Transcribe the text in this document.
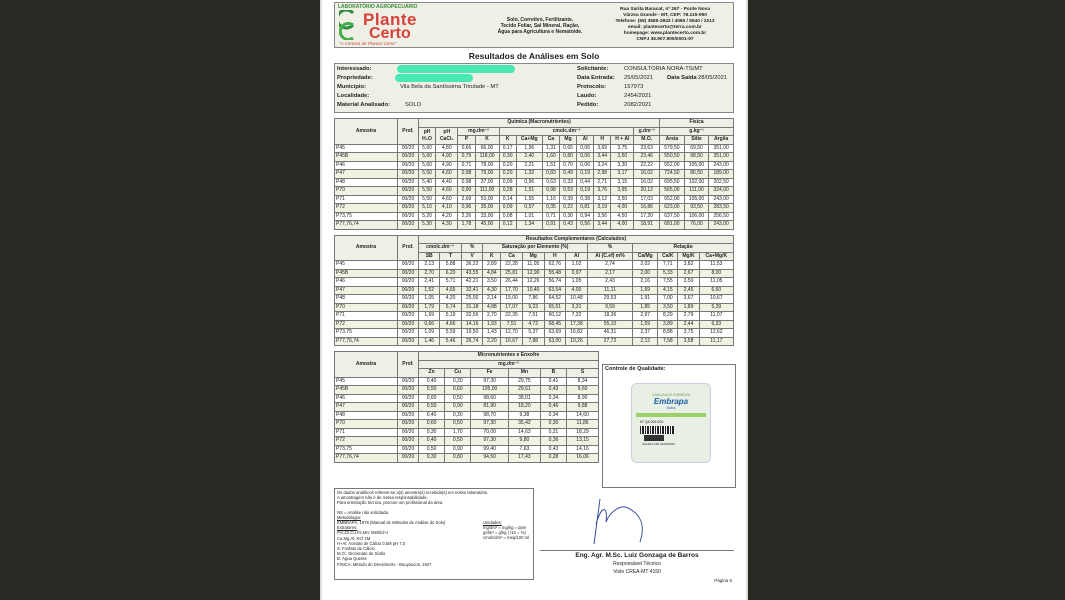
LABORATÓRIO AGROPECUÁRIO
Plante
Certo
"A Certeza de Plantar Certo"
Solo, Corretivo, Fertilizante,
Tecido Foliar, Sal Mineral, Ração,
Água para Agricultura e Nematoide.
Rua Sarita Baracat, nº 267 - Ponte Nova
Várzea Grande - MT, CEP: 78.115-090
Telefone: (65) 3685-2843 / 4065 / 5540 / 2213
email: plantecerto@terra.com.br
homepage: www.plantecerto.com.br
CNPJ 36.907.905/0001-97
Resultados de Análises em Solo
Interessado:
Propriedade:
Município:	Vila Bela da Santíssima Trindade - MT
Localidade:
Material Analisado:	SOLO
Solicitante:	CONSULTORIA NORA-TS/MT
Data Entrada: 25/05/2021 Data Saída 28/05/2021
Protocolo:	157973
Laudo:	2454/2021
Pedido:	2082/2021
Amostra	Prof.	Química (Macronutrientes)												Física		
		pH
H₂O	pH
CaCl₂	mg.dm⁻³		cmolc.dm⁻³							g.dm⁻³	g.kg⁻¹		
				P	K	K	Ca+Mg	Ca	Mg	Al	H	H + Al	M.O.	Areia	Silte	Argila
P45	00/20	5,60	4,80	0,66	66,00	0,17	1,96	1,31	0,65	0,06	3,69	3,75	23,63	579,50	69,50	351,00
P45B	00/20	5,60	4,90	0,79	118,00	0,30	2,40	1,60	0,80	0,06	3,44	3,50	23,46	550,50	98,50	351,00
P46	00/20	5,60	4,90	0,71	78,00	0,20	2,21	1,51	0,70	0,06	3,24	3,30	22,22	652,00	105,00	243,00
P47	00/20	5,50	4,60	0,98	79,00	0,20	1,32	0,83	0,49	0,19	2,98	3,17	16,02	724,50	86,50	189,00
P48	00/20	5,40	4,40	0,98	37,00	0,09	0,96	0,63	0,33	0,44	2,71	3,15	16,02	695,50	102,00	202,50
P70	00/20	5,50	4,60	0,90	111,00	0,28	1,51	0,98	0,53	0,19	3,76	3,95	20,12	565,00	111,00	324,00
P71	00/20	5,50	4,60	2,69	53,00	0,14	1,55	1,16	0,39	0,38	3,12	3,50	17,03	652,00	105,00	243,00
P72	00/20	5,10	4,10	0,96	35,00	0,09	0,57	0,35	0,22	0,81	3,19	4,00	16,86	623,00	93,50	283,50
P73,75	00/20	5,20	4,20	2,26	33,00	0,08	1,01	0,71	0,30	0,94	3,56	4,50	17,20	637,50	106,00	256,50
P77,76,74	00/20	5,30	4,30	1,78	45,00	0,12	1,34	0,91	0,43	0,56	3,44	4,00	18,91	681,00	76,00	243,00
Amostra	Prof.	Resultados Complementares (Calculados)												
		cmolc.dm⁻³		%	Saturação por Elemento (%)					%	Relação			
		SB	T	V	K	Ca	Mg	H	Al	Al (C.ef) m%	Ca/Mg	Ca/K	Mg/K	Ca+Mg/K
P45	00/20	2,13	5,88	36,22	2,89	22,28	11,05	62,76	1,02	2,74	2,02	7,71	3,82	11,53
P45B	00/20	2,70	6,20	43,55	4,84	25,81	12,90	55,48	0,97	2,17	2,00	5,33	2,67	8,00
P46	00/20	2,41	5,71	42,21	3,50	26,44	12,26	56,74	1,05	2,43	2,16	7,55	3,50	11,05
P47	00/20	1,52	4,65	32,41	4,30	17,70	10,40	63,54	4,00	11,11	1,69	4,15	2,45	6,60
P48	00/20	1,05	4,20	25,00	2,14	15,00	7,86	64,52	10,48	29,53	1,91	7,00	3,67	10,67
P70	00/20	1,79	5,74	31,18	4,88	17,07	9,23	65,51	3,31	9,59	1,85	3,50	1,89	5,39
P71	00/20	1,69	5,19	32,56	2,70	22,35	7,51	60,12	7,32	18,36	2,97	8,29	2,79	11,07
P72	00/20	0,66	4,66	14,16	1,93	7,51	4,72	68,45	17,38	55,10	1,59	3,89	2,44	6,33
P73,75	00/20	1,09	5,59	19,50	1,43	12,70	5,37	63,69	16,82	46,31	2,37	8,88	3,75	12,62
P77,76,74	00/20	1,46	5,46	26,74	2,20	16,67	7,88	63,00	10,26	27,72	2,12	7,58	3,58	11,17
Amostra	Prof.	Micronutrientes e Enxofre					
		mg.dm⁻³					
		Zn	Cu	Fe	Mn	B	S
P45	00/20	0,40	0,30	97,30	29,75	0,41	8,34
P45B	00/20	0,50	0,60	105,00	29,61	0,43	9,60
P46	00/20	0,60	0,50	98,60	38,01	0,34	8,90
P47	00/20	0,50	0,90	81,90	18,20	0,46	9,88
P48	00/20	0,40	0,30	98,70	9,38	0,34	14,60
P70	00/20	0,60	0,50	97,30	35,42	0,30	11,86
P71	00/20	0,30	1,70	70,00	14,63	0,31	18,29
P72	00/20	0,40	0,50	97,30	9,80	0,36	13,15
P73,75	00/20	0,50	0,90	99,40	7,63	0,43	14,16
P77,76,74	00/20	0,30	0,80	94,50	17,43	0,28	16,06
Controle de Qualidade:
QUALIDADE EMBRAPA
Embrapa
Solos
Nº QA 006.000
VÁLIDO ATÉ 24/05/2021
Os dados analíticos referem-se a(s) amostra(s) recebida(s) em nosso laboratório.
A amostragem não é de nossa responsabilidade.
Para orientação técnica, procure um profissional da área.
NS = Análise não solicitada.
Metodologia:
EMBRAPA, 1979 (Manual de Métodos de Análise do Solo)
Extratores:
P,K,Zn,Cu,Fe,Mn: Mehlich-I
Ca,Mg,Al: KCl 1M
H+Al: Acetato de Cálcio 0,5M pH 7,0
S: Fosfato de Cálcio
M.O.: Dicromato de Sódio
B: Água Quente
FÍSICA: Método do Densímetro - Bouyoucos, 1927.
Unidades:
mg/dm³ = mg/kg = ppm
g/dm³ = g/kg ( /10 = %)
cmolc/dm³ = meq/100 ml
Eng. Agr. M.Sc. Luiz Gonzaga de Barros
Responsável Técnico
Visto CREA-MT 4150
Página 5
